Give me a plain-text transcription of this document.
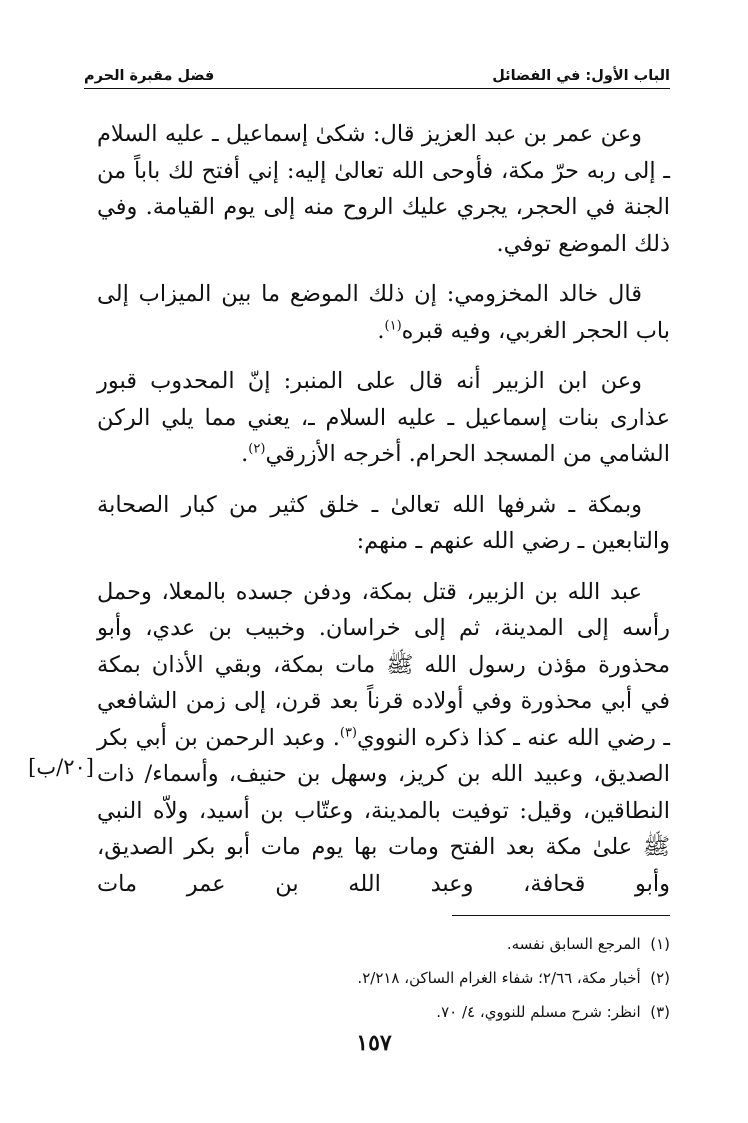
الباب الأول: في الفضائل
فضل مقبرة الحرم

وعن عمر بن عبد العزيز قال: شكىٰ إسماعيل ـ عليه السلام ـ إلى ربه حرّ مكة، فأوحى الله تعالىٰ إليه: إني أفتح لك باباً من الجنة في الحجر، يجري عليك الروح منه إلى يوم القيامة. وفي ذلك الموضع توفي.

قال خالد المخزومي: إن ذلك الموضع ما بين الميزاب إلى باب الحجر الغربي، وفيه قبره$^{(١)}$.

وعن ابن الزبير أنه قال على المنبر: إنّ المحدوب قبور عذارى بنات إسماعيل ـ عليه السلام ـ، يعني مما يلي الركن الشامي من المسجد الحرام. أخرجه الأزرقي$^{(٢)}$.

وبمكة ـ شرفها الله تعالىٰ ـ خلق كثير من كبار الصحابة والتابعين ـ رضي الله عنهم ـ منهم:

عبد الله بن الزبير، قتل بمكة، ودفن جسده بالمعلا، وحمل رأسه إلى المدينة، ثم إلى خراسان. وخبيب بن عدي، وأبو محذورة مؤذن رسول الله ﷺ مات بمكة، وبقي الأذان بمكة في أبي محذورة وفي أولاده قرناً بعد قرن، إلى زمن الشافعي ـ رضي الله عنه ـ كذا ذكره النووي$^{(٣)}$. وعبد الرحمن بن أبي بكر الصديق، وعبيد الله بن كريز، وسهل بن حنيف، وأسماء/ ذات النطاقين، وقيل: توفيت بالمدينة، وعتّاب بن أسيد، ولاّه النبي ﷺ علىٰ مكة بعد الفتح ومات بها يوم مات أبو بكر الصديق، وأبو قحافة، وعبد الله بن عمر مات

[٢٠/ب]
(١)  المرجع السابق نفسه.
(٢)  أخبار مكة، ٢/٦٦؛ شفاء الغرام الساكن، ٢/٢١٨.
(٣)  انظر: شرح مسلم للنووي، ٤/ ٧٠.
١٥٧
